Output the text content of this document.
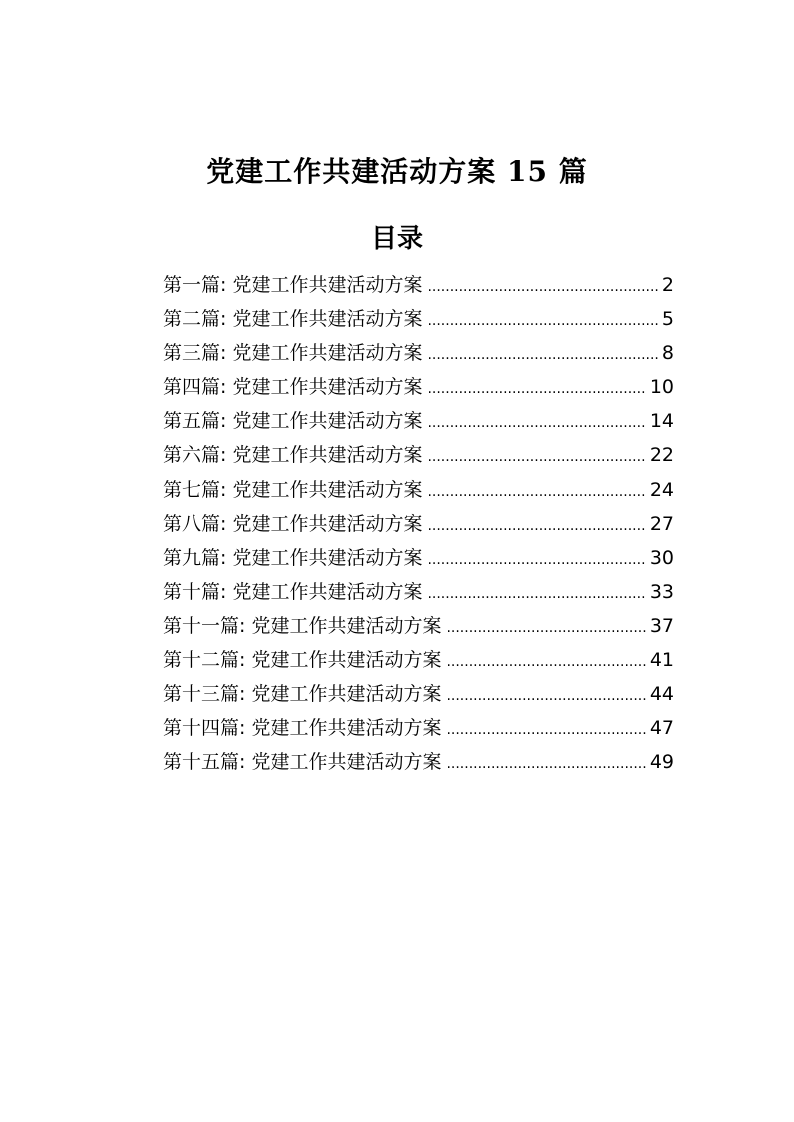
党建工作共建活动方案 15 篇
目录
第一篇: 党建工作共建活动方案 .....	2
第二篇: 党建工作共建活动方案 .....	5
第三篇: 党建工作共建活动方案 .....	8
第四篇: 党建工作共建活动方案 .....	10
第五篇: 党建工作共建活动方案 .....	14
第六篇: 党建工作共建活动方案 .....	22
第七篇: 党建工作共建活动方案 .....	24
第八篇: 党建工作共建活动方案 .....	27
第九篇: 党建工作共建活动方案 .....	30
第十篇: 党建工作共建活动方案 .....	33
第十一篇: 党建工作共建活动方案 .....	37
第十二篇: 党建工作共建活动方案 .....	41
第十三篇: 党建工作共建活动方案 .....	44
第十四篇: 党建工作共建活动方案 .....	47
第十五篇: 党建工作共建活动方案 .....	49
